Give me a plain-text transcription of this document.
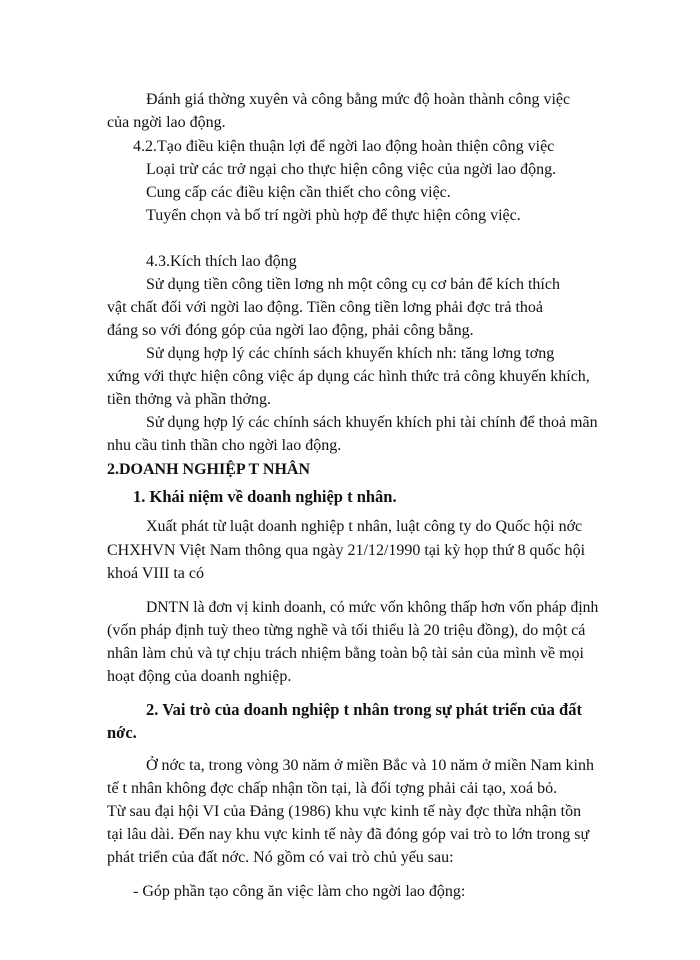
Đánh giá thờng xuyên và công bằng mức độ hoàn thành công việc
của ngời lao động.
4.2.Tạo điều kiện thuận lợi để ngời lao động hoàn thiện công việc
Loại trừ các trở ngại cho thực hiện công việc của ngời lao động.
Cung cấp các điều kiện cần thiết cho công việc.
Tuyển chọn và bố trí ngời phù hợp để thực hiện công việc.
4.3.Kích thích lao động
Sử dụng tiền công tiền lơng nh một công cụ cơ bản để kích thích
vật chất đối với ngời lao động. Tiền công tiền lơng phải đợc trả thoả
đáng so với đóng góp của ngời lao động, phải công bằng.
Sử dụng hợp lý các chính sách khuyến khích nh: tăng lơng tơng
xứng với thực hiện công việc áp dụng các hình thức trả công khuyến khích,
tiền thởng và phần thởng.
Sử dụng hợp lý các chính sách khuyến khích phi tài chính để thoả mãn
nhu cầu tinh thần cho ngời lao động.
2.DOANH NGHIỆP T NHÂN
1. Khái niệm về doanh nghiệp t nhân.
Xuất phát từ luật doanh nghiệp t nhân, luật công ty do Quốc hội nớc
CHXHVN Việt Nam thông qua ngày 21/12/1990 tại kỳ họp thứ 8 quốc hội
khoá VIII ta có
DNTN là đơn vị kinh doanh, có mức vốn không thấp hơn vốn pháp định
(vốn pháp định tuỳ theo từng nghề và tối thiểu là 20 triệu đồng), do một cá
nhân làm chủ và tự chịu trách nhiệm bằng toàn bộ tài sản của mình về mọi
hoạt động của doanh nghiệp.
2. Vai trò của doanh nghiệp t nhân trong sự phát triển của đất
nớc.
Ở nớc ta, trong vòng 30 năm ở miền Bắc và 10 năm ở miền Nam kinh
tế t nhân không đợc chấp nhận tồn tại, là đối tợng phải cải tạo, xoá bỏ.
Từ sau đại hội VI của Đảng (1986) khu vực kinh tế này đợc thừa nhận tồn
tại lâu dài. Đến nay khu vực kinh tế này đã đóng góp vai trò to lớn trong sự
phát triển của đất nớc. Nó gồm có vai trò chủ yếu sau:
- Góp phần tạo công ăn việc làm cho ngời lao động:
